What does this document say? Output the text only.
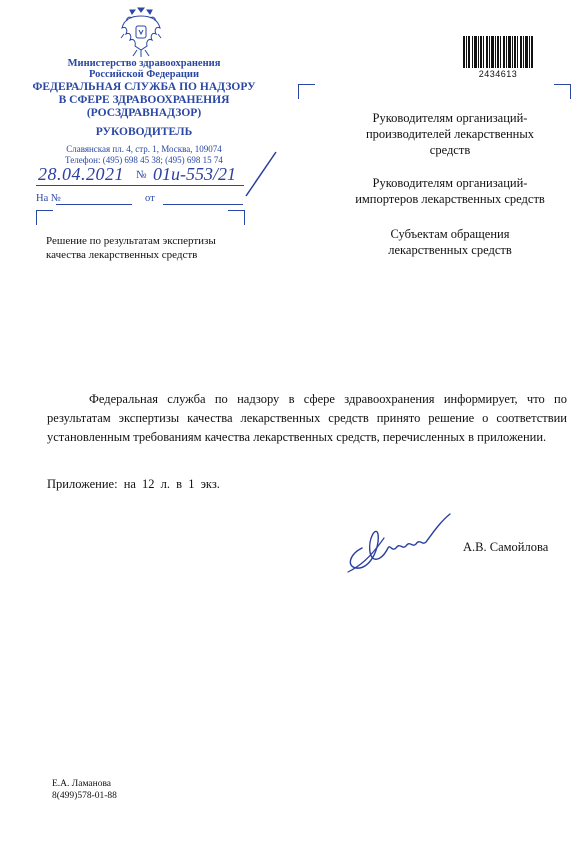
Министерство здравоохранения
Российской Федерации
ФЕДЕРАЛЬНАЯ СЛУЖБА ПО НАДЗОРУ
В СФЕРЕ ЗДРАВООХРАНЕНИЯ
(РОСЗДРАВНАДЗОР)
РУКОВОДИТЕЛЬ
Славянская пл. 4, стр. 1, Москва, 109074
Телефон: (495) 698 45 38; (495) 698 15 74
28.04.2021 № 01и-553/21
На №	от
Решение по результатам экспертизы
качества лекарственных средств
2434613
Руководителям организаций-
производителей лекарственных
средств
Руководителям организаций-
импортеров лекарственных средств
Субъектам обращения
лекарственных средств
Федеральная служба по надзору в сфере здравоохранения информирует, что по результатам экспертизы качества лекарственных средств принято решение о соответствии установленным требованиям качества лекарственных средств, перечисленных в приложении.
Приложение: на 12 л. в 1 экз.
А.В. Самойлова
Е.А. Ламанова
8(499)578-01-88
